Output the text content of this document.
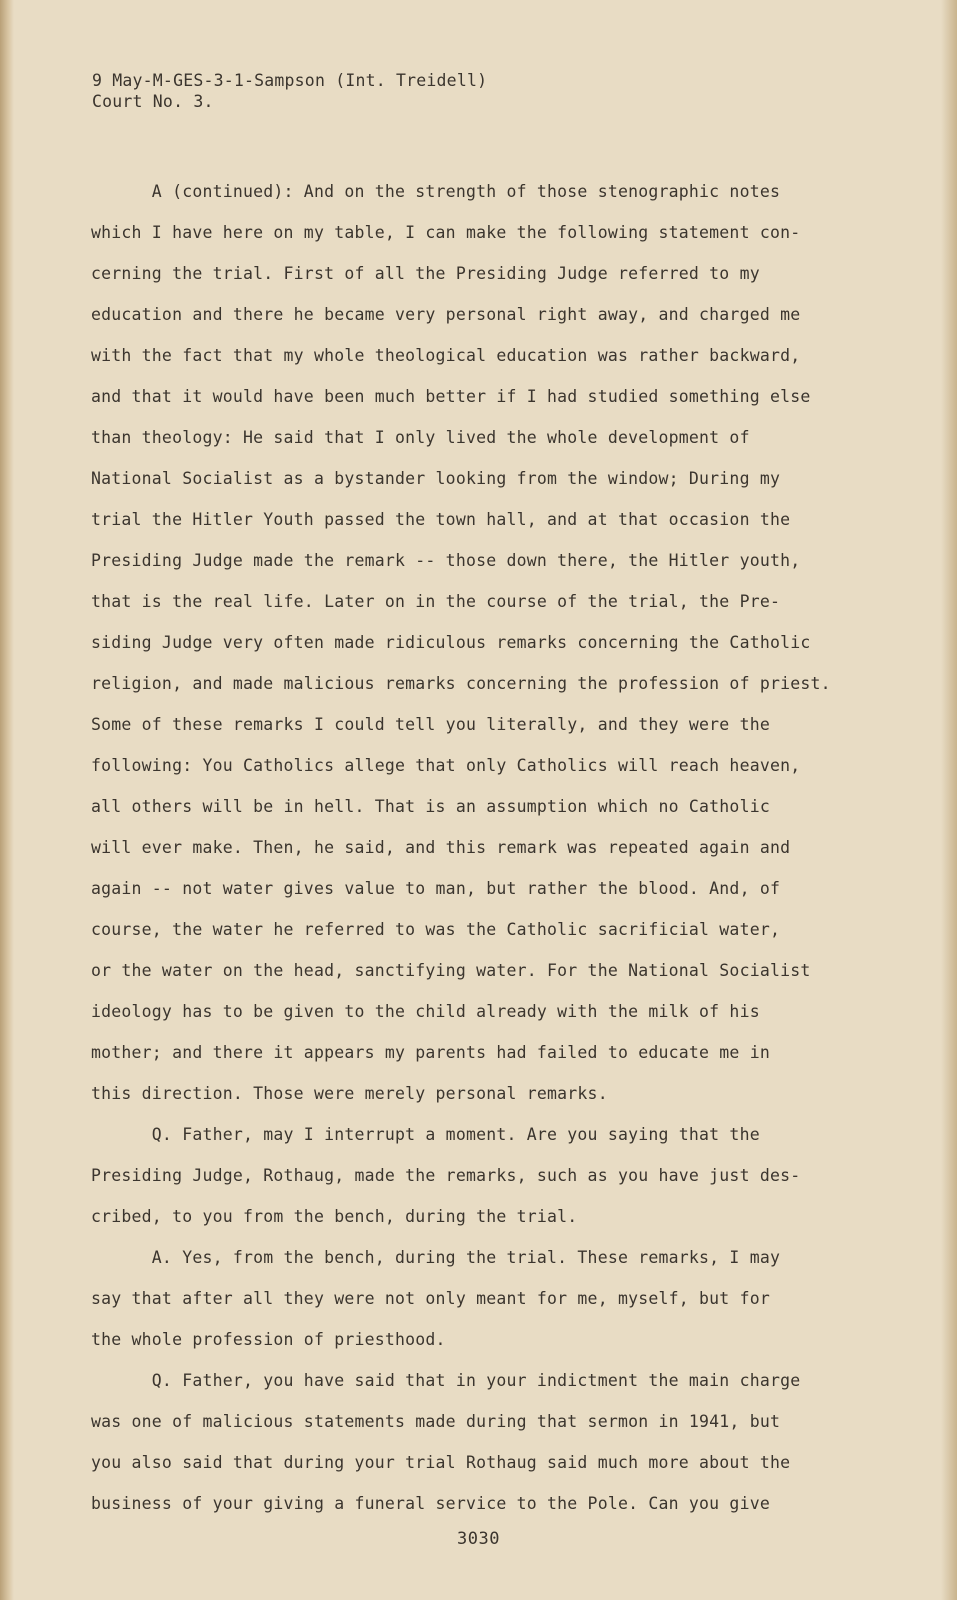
9 May-M-GES-3-1-Sampson (Int. Treidell)
Court No. 3.
A (continued): And on the strength of those stenographic notes
which I have here on my table, I can make the following statement con-
cerning the trial. First of all the Presiding Judge referred to my
education and there he became very personal right away, and charged me
with the fact that my whole theological education was rather backward,
and that it would have been much better if I had studied something else
than theology: He said that I only lived the whole development of
National Socialist as a bystander looking from the window; During my
trial the Hitler Youth passed the town hall, and at that occasion the
Presiding Judge made the remark -- those down there, the Hitler youth,
that is the real life. Later on in the course of the trial, the Pre-
siding Judge very often made ridiculous remarks concerning the Catholic
religion, and made malicious remarks concerning the profession of priest.
Some of these remarks I could tell you literally, and they were the
following: You Catholics allege that only Catholics will reach heaven,
all others will be in hell. That is an assumption which no Catholic
will ever make. Then, he said, and this remark was repeated again and
again -- not water gives value to man, but rather the blood. And, of
course, the water he referred to was the Catholic sacrificial water,
or the water on the head, sanctifying water. For the National Socialist
ideology has to be given to the child already with the milk of his
mother; and there it appears my parents had failed to educate me in
this direction. Those were merely personal remarks.
Q. Father, may I interrupt a moment. Are you saying that the
Presiding Judge, Rothaug, made the remarks, such as you have just des-
cribed, to you from the bench, during the trial.
A. Yes, from the bench, during the trial. These remarks, I may
say that after all they were not only meant for me, myself, but for
the whole profession of priesthood.
Q. Father, you have said that in your indictment the main charge
was one of malicious statements made during that sermon in 1941, but
you also said that during your trial Rothaug said much more about the
business of your giving a funeral service to the Pole. Can you give
3030
